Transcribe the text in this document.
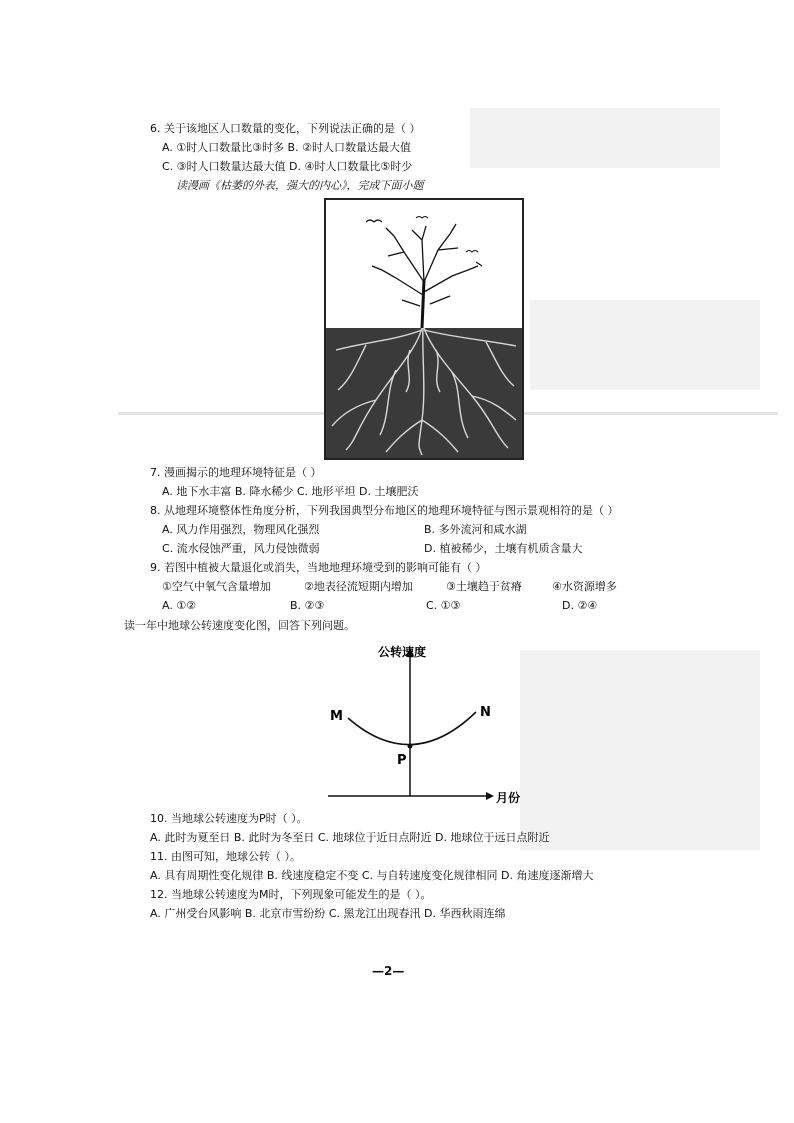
6. 关于该地区人口数量的变化，下列说法正确的是（ ）
A. ①时人口数量比③时多 B. ②时人口数量达最大值
C. ③时人口数量达最大值 D. ④时人口数量比⑤时少
读漫画《枯萎的外表，强大的内心》，完成下面小题
7. 漫画揭示的地理环境特征是（ ）
A. 地下水丰富 B. 降水稀少 C. 地形平坦 D. 土壤肥沃
8. 从地理环境整体性角度分析，下列我国典型分布地区的地理环境特征与图示景观相符的是（ ）
A. 风力作用强烈，物理风化强烈	B. 多外流河和咸水湖
C. 流水侵蚀严重，风力侵蚀微弱	D. 植被稀少，土壤有机质含量大
9. 若图中植被大量退化或消失，当地地理环境受到的影响可能有（ ）
①空气中氧气含量增加	②地表径流短期内增加	③土壤趋于贫瘠	④水资源增多
A. ①②	B. ②③	C. ①③	D. ②④
读一年中地球公转速度变化图，回答下列问题。
公转速度
月份
M	N
P
10. 当地球公转速度为P时（ ）。
A. 此时为夏至日 B. 此时为冬至日 C. 地球位于近日点附近 D. 地球位于远日点附近
11. 由图可知，地球公转（ ）。
A. 具有周期性变化规律 B. 线速度稳定不变 C. 与自转速度变化规律相同 D. 角速度逐渐增大
12. 当地球公转速度为M时，下列现象可能发生的是（ ）。
A. 广州受台风影响 B. 北京市雪纷纷 C. 黑龙江出现春汛 D. 华西秋雨连绵
—2—
